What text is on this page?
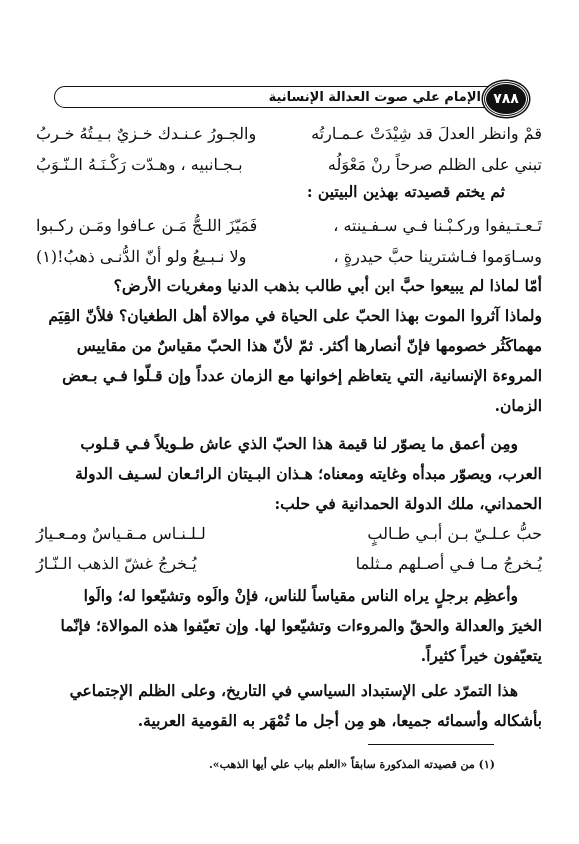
٧٨٨
الإمام علي صوت العدالة الإنسانية
قمْ وانظر العدلَ قد شِيْدَتْ عـمـارتُه
والجـورُ عـنـدك خـزيٌ بـيـتُهُ خـربُ
تبني على الظلم صرحاً رنْ مَعْوَلُه
بـجـانبيه ، وهـدّت رَكْـنَـهُ الـنّـوَبُ
ثم يختم قصيدته بهذين البيتين :
تَـعـتـيفوا وركـبْـنا فـي سـفـينته ،
فَمَيّزَ اللـجُّ مَـن عـافوا ومَـن ركـبوا
وسـاوَموا فـاشترينا حبَّ حيدرةٍ ،
ولا نـبـيعُ ولو أنّ الدُّنـى ذهبُ!(١)
أمّا لماذا لم يبيعوا حبَّ ابن أبي طالب بذهب الدنيا ومغريات الأرض؟
ولماذا آثروا الموت بهذا الحبّ على الحياة في موالاة أهل الطغيان؟ فلأنّ القِيَم
مهماكَثُر خصومها فإنّ أنصارها أكثر. ثمّ لأنّ هذا الحبّ مقياسٌ من مقاييس
المروءة الإنسانية، التي يتعاظم إخوانها مع الزمان عدداً وإن قـلّوا فـي بـعض
الزمان.
ومِن أعمق ما يصوّر لنا قيمة هذا الحبّ الذي عاش طـويلاً فـي قـلوب
العرب، ويصوّر مبدأه وغايته ومعناه؛ هـذان البـيتان الرائـعان لسـيف الدولة
الحمداني، ملك الدولة الحمدانية في حلب:
حبُّ عـلـيّ بـن أبـي طـالبٍ
لـلـنـاس مـقـياسٌ ومـعـيارُ
يُـخرجُ مـا فـي أصـلهم مـثلما
يُـخرجُ غشّ الذهب الـنّـارُ
وأعظِم برجلٍ يراه الناس مقياساً للناس، فإنْ والَوه وتشيّعوا له؛ والَوا
الخيرَ والعدالة والحقّ والمروءات وتشيّعوا لها. وإن تعيّفوا هذه الموالاة؛ فإنّما
يتعيّفون خيراً كثيراً.
هذا التمرّد على الإستبداد السياسي في التاريخ، وعلى الظلم الإجتماعي
بأشكاله وأسمائه جميعا، هو مِن أجل ما تُمْهَر به القومية العربية.
(١) من قصيدته المذكورة سابقاً «العلم بباب علي أيها الذهب».
